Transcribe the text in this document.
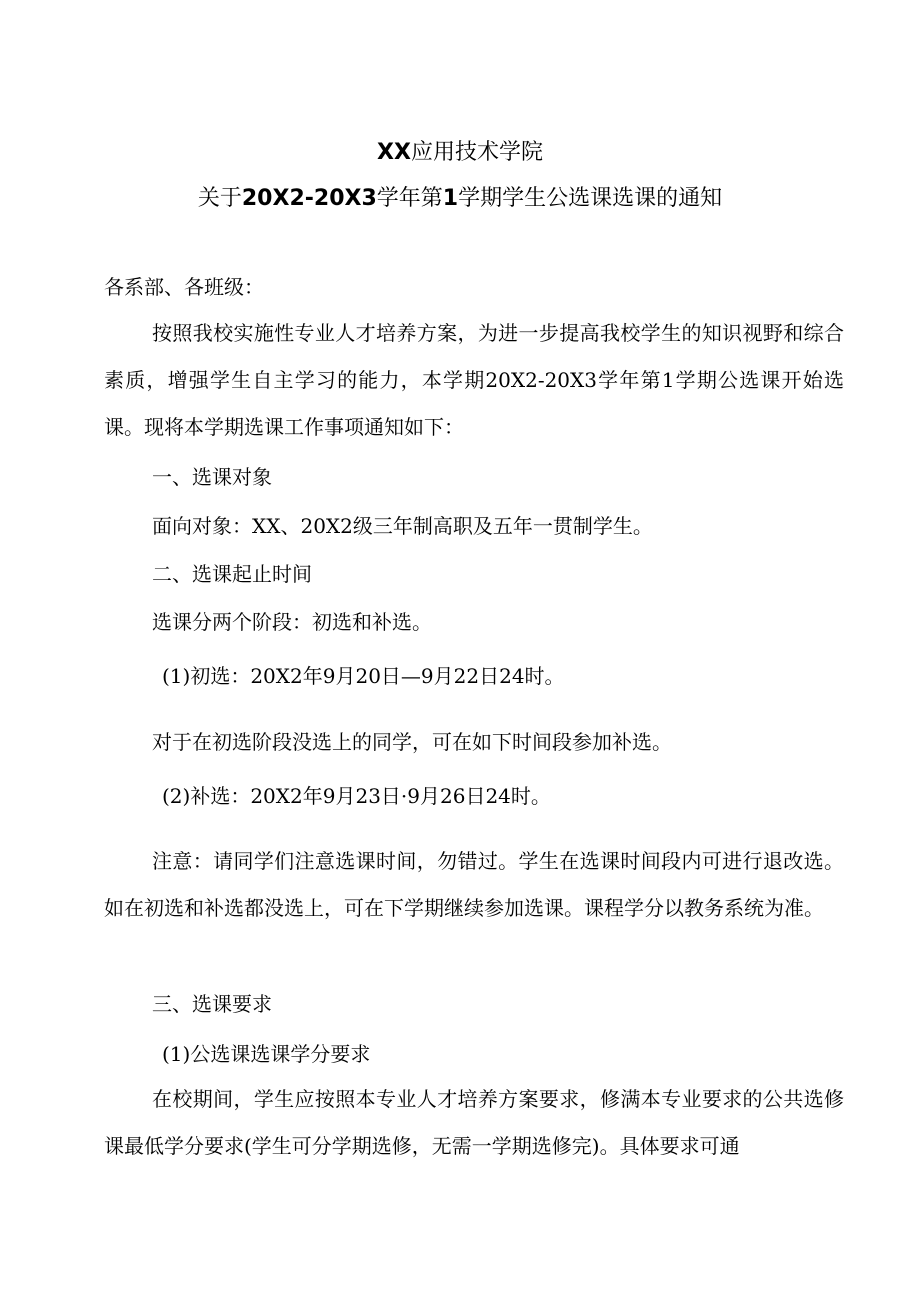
XX应用技术学院
关于20X2-20X3学年第1学期学生公选课选课的通知
各系部、各班级：
按照我校实施性专业人才培养方案，为进一步提高我校学生的知识视野和综合素质，增强学生自主学习的能力，本学期20X2-20X3学年第1学期公选课开始选课。现将本学期选课工作事项通知如下：
一、选课对象
面向对象：XX、20X2级三年制高职及五年一贯制学生。
二、选课起止时间
选课分两个阶段：初选和补选。
(1)初选：20X2年9月20日—9月22日24时。
对于在初选阶段没选上的同学，可在如下时间段参加补选。
(2)补选：20X2年9月23日·9月26日24时。
注意：请同学们注意选课时间，勿错过。学生在选课时间段内可进行退改选。如在初选和补选都没选上，可在下学期继续参加选课。课程学分以教务系统为准。
三、选课要求
(1)公选课选课学分要求
在校期间，学生应按照本专业人才培养方案要求，修满本专业要求的公共选修课最低学分要求(学生可分学期选修，无需一学期选修完)。具体要求可通
